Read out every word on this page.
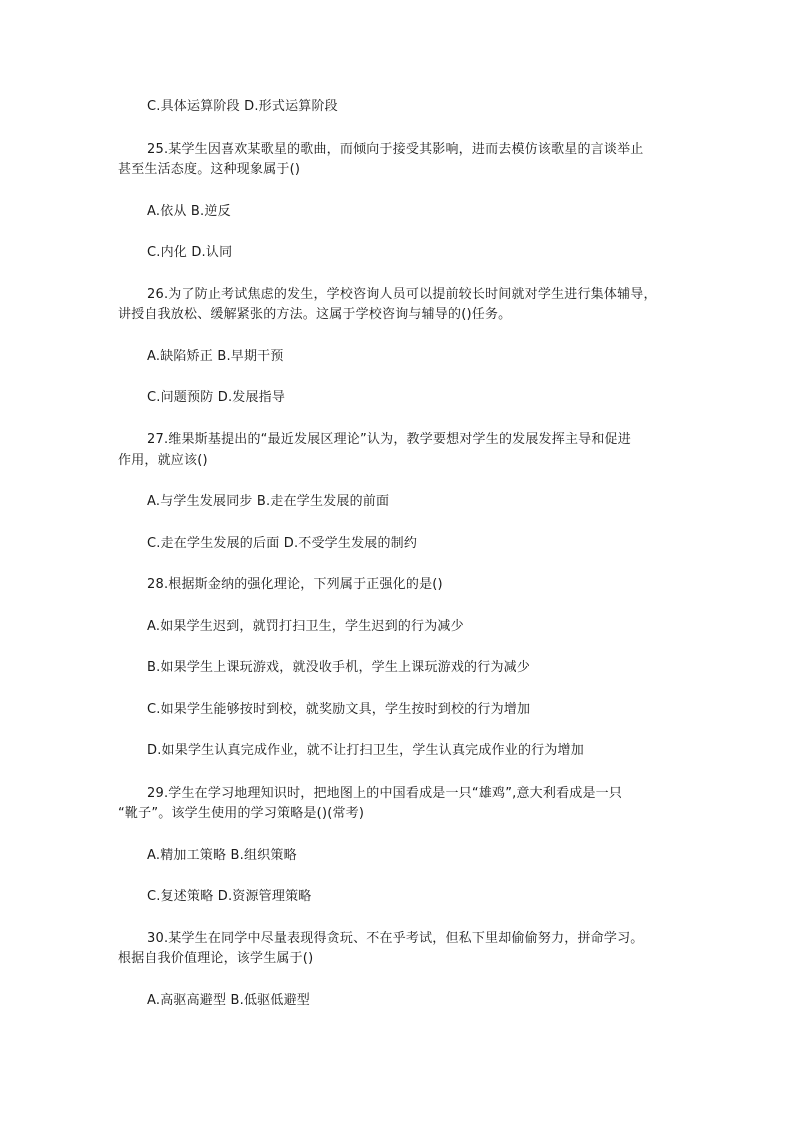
C.具体运算阶段 D.形式运算阶段
25.某学生因喜欢某歌星的歌曲，而倾向于接受其影响，进而去模仿该歌星的言谈举止
甚至生活态度。这种现象属于()
A.依从 B.逆反
C.内化 D.认同
26.为了防止考试焦虑的发生，学校咨询人员可以提前较长时间就对学生进行集体辅导，
讲授自我放松、缓解紧张的方法。这属于学校咨询与辅导的()任务。
A.缺陷矫正 B.早期干预
C.问题预防 D.发展指导
27.维果斯基提出的“最近发展区理论”认为，教学要想对学生的发展发挥主导和促进
作用，就应该()
A.与学生发展同步 B.走在学生发展的前面
C.走在学生发展的后面 D.不受学生发展的制约
28.根据斯金纳的强化理论，下列属于正强化的是()
A.如果学生迟到，就罚打扫卫生，学生迟到的行为减少
B.如果学生上课玩游戏，就没收手机，学生上课玩游戏的行为减少
C.如果学生能够按时到校，就奖励文具，学生按时到校的行为增加
D.如果学生认真完成作业，就不让打扫卫生，学生认真完成作业的行为增加
29.学生在学习地理知识时，把地图上的中国看成是一只“雄鸡”,意大利看成是一只
“靴子”。该学生使用的学习策略是()(常考)
A.精加工策略 B.组织策略
C.复述策略 D.资源管理策略
30.某学生在同学中尽量表现得贪玩、不在乎考试，但私下里却偷偷努力，拼命学习。
根据自我价值理论，该学生属于()
A.高驱高避型 B.低驱低避型
